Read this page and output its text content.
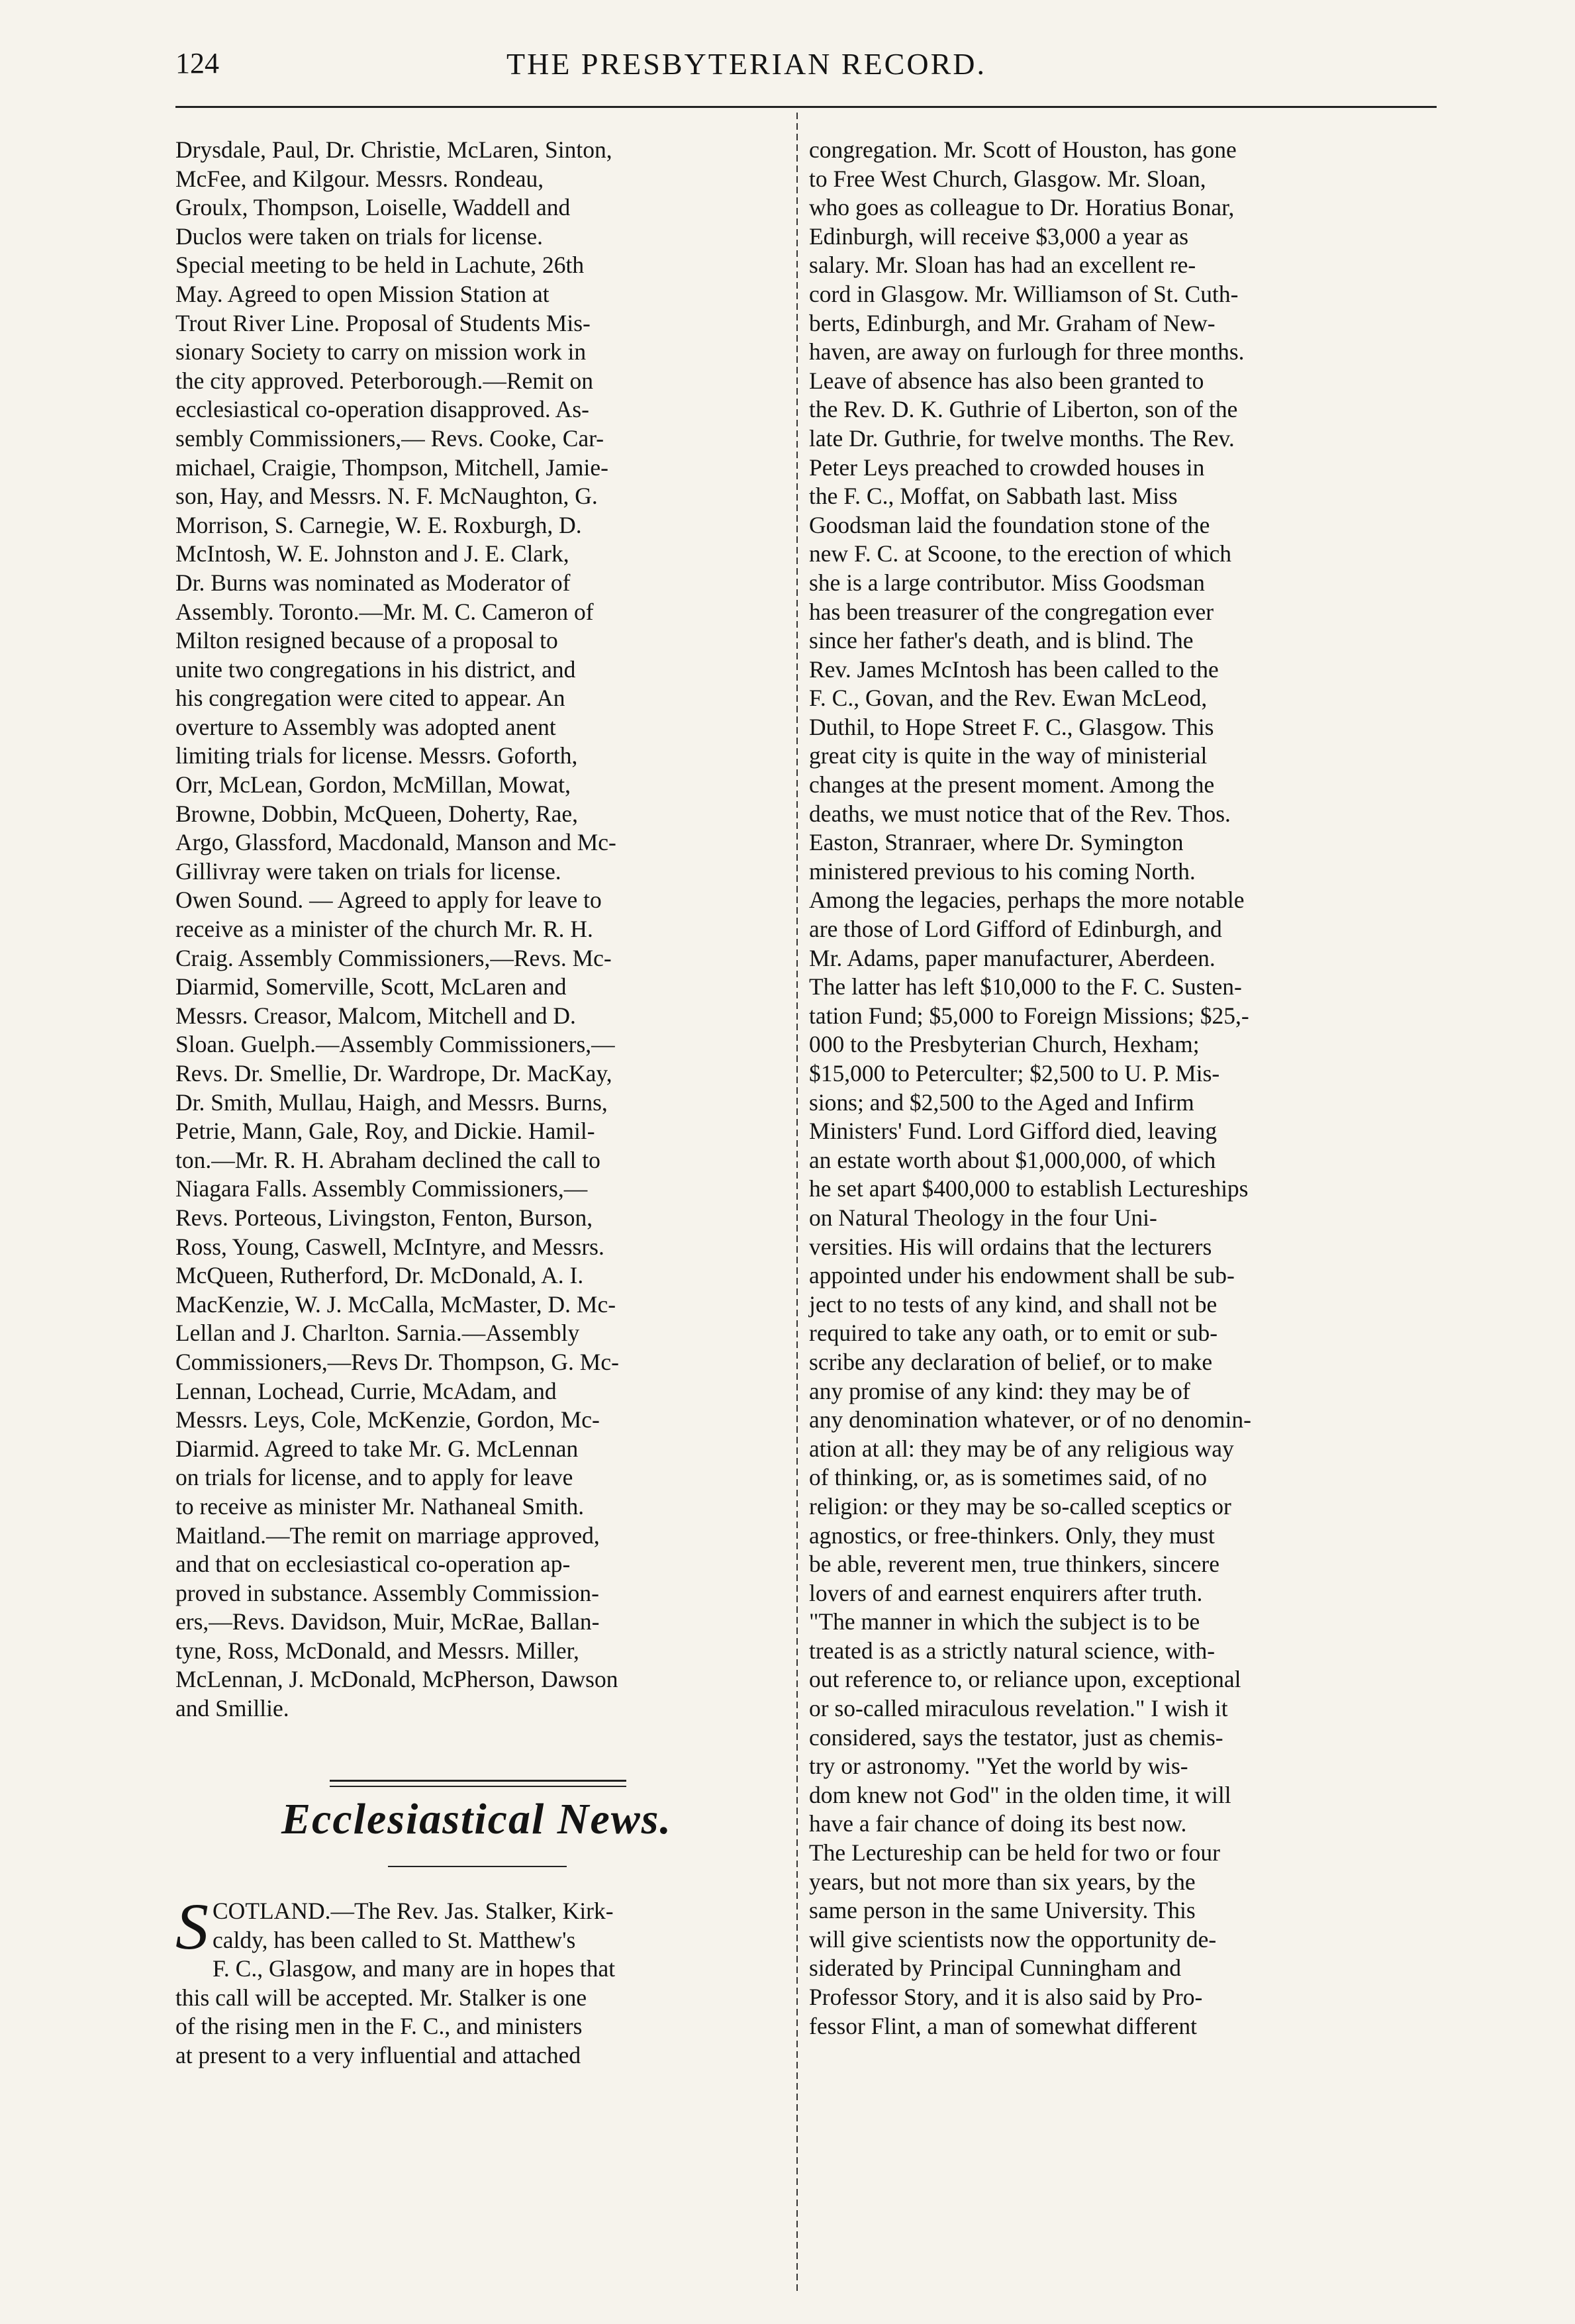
124	THE PRESBYTERIAN RECORD.

Drysdale, Paul, Dr. Christie, McLaren, Sinton,

McFee, and Kilgour. Messrs. Rondeau,

Groulx, Thompson, Loiselle, Waddell and

Duclos were taken on trials for license.

Special meeting to be held in Lachute, 26th

May. Agreed to open Mission Station at

Trout River Line. Proposal of Students Mis-

sionary Society to carry on mission work in

the city approved. Peterborough.—Remit on

ecclesiastical co-operation disapproved. As-

sembly Commissioners,— Revs. Cooke, Car-

michael, Craigie, Thompson, Mitchell, Jamie-

son, Hay, and Messrs. N. F. McNaughton, G.

Morrison, S. Carnegie, W. E. Roxburgh, D.

McIntosh, W. E. Johnston and J. E. Clark,

Dr. Burns was nominated as Moderator of

Assembly. Toronto.—Mr. M. C. Cameron of

Milton resigned because of a proposal to

unite two congregations in his district, and

his congregation were cited to appear. An

overture to Assembly was adopted anent

limiting trials for license. Messrs. Goforth,

Orr, McLean, Gordon, McMillan, Mowat,

Browne, Dobbin, McQueen, Doherty, Rae,

Argo, Glassford, Macdonald, Manson and Mc-

Gillivray were taken on trials for license.

Owen Sound. — Agreed to apply for leave to

receive as a minister of the church Mr. R. H.

Craig. Assembly Commissioners,—Revs. Mc-

Diarmid, Somerville, Scott, McLaren and

Messrs. Creasor, Malcom, Mitchell and D.

Sloan. Guelph.—Assembly Commissioners,—

Revs. Dr. Smellie, Dr. Wardrope, Dr. MacKay,

Dr. Smith, Mullau, Haigh, and Messrs. Burns,

Petrie, Mann, Gale, Roy, and Dickie. Hamil-

ton.—Mr. R. H. Abraham declined the call to

Niagara Falls. Assembly Commissioners,—

Revs. Porteous, Livingston, Fenton, Burson,

Ross, Young, Caswell, McIntyre, and Messrs.

McQueen, Rutherford, Dr. McDonald, A. I.

MacKenzie, W. J. McCalla, McMaster, D. Mc-

Lellan and J. Charlton. Sarnia.—Assembly

Commissioners,—Revs Dr. Thompson, G. Mc-

Lennan, Lochead, Currie, McAdam, and

Messrs. Leys, Cole, McKenzie, Gordon, Mc-

Diarmid. Agreed to take Mr. G. McLennan

on trials for license, and to apply for leave

to receive as minister Mr. Nathaneal Smith.

Maitland.—The remit on marriage approved,

and that on ecclesiastical co-operation ap-

proved in substance. Assembly Commission-

ers,—Revs. Davidson, Muir, McRae, Ballan-

tyne, Ross, McDonald, and Messrs. Miller,

McLennan, J. McDonald, McPherson, Dawson

and Smillie.

Ecclesiastical News.
S COTLAND.—The Rev. Jas. Stalker, Kirk-

caldy, has been called to St. Matthew's

F. C., Glasgow, and many are in hopes that

this call will be accepted. Mr. Stalker is one

of the rising men in the F. C., and ministers

at present to a very influential and attached

congregation. Mr. Scott of Houston, has gone

to Free West Church, Glasgow. Mr. Sloan,

who goes as colleague to Dr. Horatius Bonar,

Edinburgh, will receive $3,000 a year as

salary. Mr. Sloan has had an excellent re-

cord in Glasgow. Mr. Williamson of St. Cuth-

berts, Edinburgh, and Mr. Graham of New-

haven, are away on furlough for three months.

Leave of absence has also been granted to

the Rev. D. K. Guthrie of Liberton, son of the

late Dr. Guthrie, for twelve months. The Rev.

Peter Leys preached to crowded houses in

the F. C., Moffat, on Sabbath last. Miss

Goodsman laid the foundation stone of the

new F. C. at Scoone, to the erection of which

she is a large contributor. Miss Goodsman

has been treasurer of the congregation ever

since her father's death, and is blind. The

Rev. James McIntosh has been called to the

F. C., Govan, and the Rev. Ewan McLeod,

Duthil, to Hope Street F. C., Glasgow. This

great city is quite in the way of ministerial

changes at the present moment. Among the

deaths, we must notice that of the Rev. Thos.

Easton, Stranraer, where Dr. Symington

ministered previous to his coming North.

Among the legacies, perhaps the more notable

are those of Lord Gifford of Edinburgh, and

Mr. Adams, paper manufacturer, Aberdeen.

The latter has left $10,000 to the F. C. Susten-

tation Fund; $5,000 to Foreign Missions; $25,-

000 to the Presbyterian Church, Hexham;

$15,000 to Peterculter; $2,500 to U. P. Mis-

sions; and $2,500 to the Aged and Infirm

Ministers' Fund. Lord Gifford died, leaving

an estate worth about $1,000,000, of which

he set apart $400,000 to establish Lectureships

on Natural Theology in the four Uni-

versities. His will ordains that the lecturers

appointed under his endowment shall be sub-

ject to no tests of any kind, and shall not be

required to take any oath, or to emit or sub-

scribe any declaration of belief, or to make

any promise of any kind: they may be of

any denomination whatever, or of no denomin-

ation at all: they may be of any religious way

of thinking, or, as is sometimes said, of no

religion: or they may be so-called sceptics or

agnostics, or free-thinkers. Only, they must

be able, reverent men, true thinkers, sincere

lovers of and earnest enquirers after truth.

"The manner in which the subject is to be

treated is as a strictly natural science, with-

out reference to, or reliance upon, exceptional

or so-called miraculous revelation." I wish it

considered, says the testator, just as chemis-

try or astronomy. "Yet the world by wis-

dom knew not God" in the olden time, it will

have a fair chance of doing its best now.

The Lectureship can be held for two or four

years, but not more than six years, by the

same person in the same University. This

will give scientists now the opportunity de-

siderated by Principal Cunningham and

Professor Story, and it is also said by Pro-

fessor Flint, a man of somewhat different
